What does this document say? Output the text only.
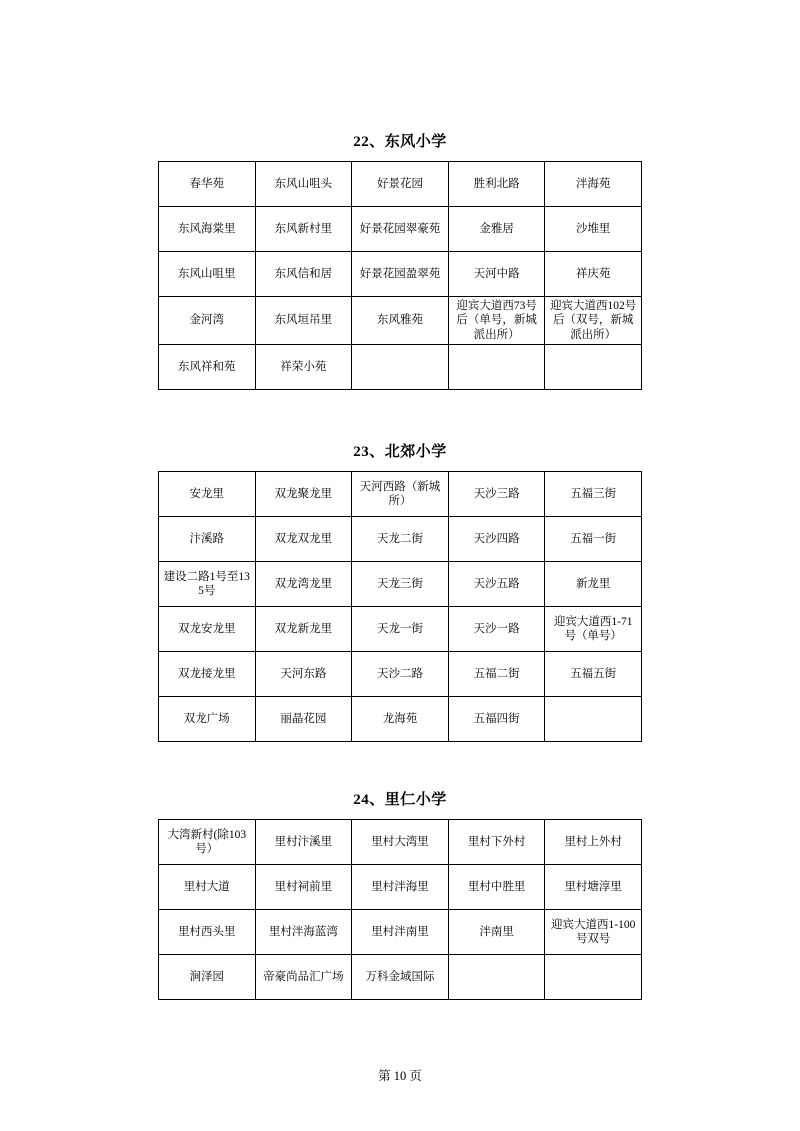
22、东风小学
春华苑	东风山咀头	好景花园	胜利北路	泮海苑
东风海棠里	东风新村里	好景花园翠豪苑	金雅居	沙堆里
东风山咀里	东风信和居	好景花园盈翠苑	天河中路	祥庆苑
金河湾	东风垣吊里	东风雅苑	迎宾大道西73号后（单号，新城派出所）	迎宾大道西102号后（双号，新城派出所）
东风祥和苑	祥荣小苑			
23、北郊小学
安龙里	双龙聚龙里	天河西路（新城所）	天沙三路	五福三街
汴溪路	双龙双龙里	天龙二街	天沙四路	五福一街
建设二路1号至135号	双龙湾龙里	天龙三街	天沙五路	新龙里
双龙安龙里	双龙新龙里	天龙一街	天沙一路	迎宾大道西1-71号（单号）
双龙接龙里	天河东路	天沙二路	五福二街	五福五街
双龙广场	丽晶花园	龙海苑	五福四街	
24、里仁小学
大湾新村(除103号）	里村汴溪里	里村大湾里	里村下外村	里村上外村
里村大道	里村祠前里	里村泮海里	里村中胜里	里村塘淳里
里村西头里	里村泮海蓝湾	里村泮南里	泮南里	迎宾大道西1-100号双号
涧泽园	帝豪尚品汇广场	万科金域国际		
第 10 页
